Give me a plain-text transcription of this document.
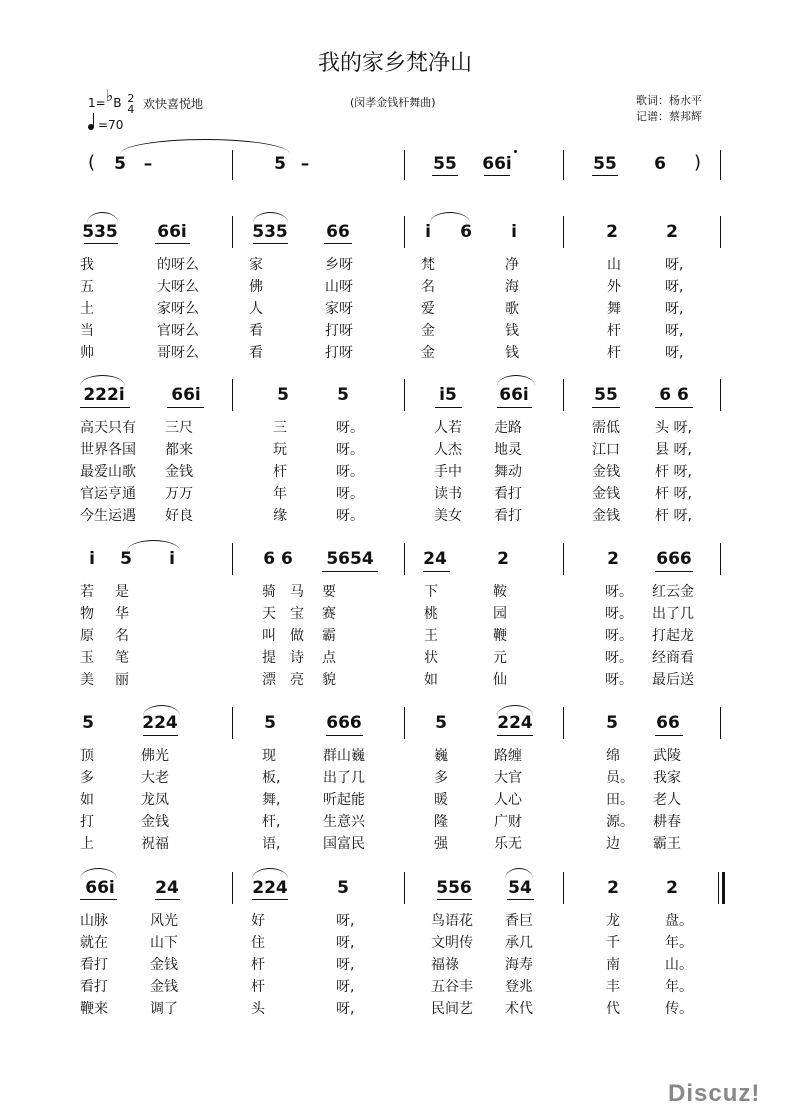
我的家乡梵净山
(闵孝金钱杆舞曲)	歌词：杨水平
记谱：蔡邦辉
1=♭B 2
4 欢快喜悦地
=70
(	)
5 –	5 –	55 66i	55 6
535	66i	535 66	i 6 i	2	2
我	的呀么	家	乡呀	梵	净	山	呀,
五	大呀么	佛	山呀	名	海	外	呀,
土	家呀么	人	家呀	爱	歌	舞	呀,
当	官呀么	看	打呀	金	钱	杆	呀,
帅	哥呀么	看	打呀	金	钱	杆	呀,
222i	66i	5	5	i5	66i	55	6 6
高天只有 三尺	三	呀。	人若 走路	需低	头 呀,
世界各国 都来	玩	呀。	人杰 地灵	江口	县 呀,
最爱山歌 金钱	杆	呀。	手中 舞动	金钱	杆 呀,
官运亨通 万万	年	呀。	读书 看打	金钱	杆 呀,
今生运遇 好良	缘	呀。	美女 看打	金钱	杆 呀,
i 5 i	6 6	5654	24	2	2 666
若 是	骑 马 要	下	鞍	呀。 红云金
物 华	天 宝 赛	桃	园	呀。 出了几
原 名	叫 做 霸	王	鞭	呀。 打起龙
玉 笔	提 诗 点	状	元	呀。 经商看
美 丽	漂 亮 貌	如	仙	呀。 最后送
5	224	5	666	5	224	5 66
顶	佛光	现	群山巍	巍	路缠	绵 武陵
多	大老	板,	出了几	多	大官	员。 我家
如	龙凤	舞,	听起能	暖	人心	田。 老人
打	金钱	杆,	生意兴	隆	广财	源。 耕春
上	祝福	语,	国富民	强	乐无	边 霸王
66i	24	224	5	556 54	2	2
山脉	风光	好	呀,	鸟语花 香巨	龙	盘。
就在	山下	住	呀,	文明传 承几	千	年。
看打	金钱	杆	呀,	福祿	海寿	南	山。
看打	金钱	杆	呀,	五谷丰 登兆	丰	年。
鞭来	调了	头	呀,	民间艺 术代	代	传。
Discuz!
